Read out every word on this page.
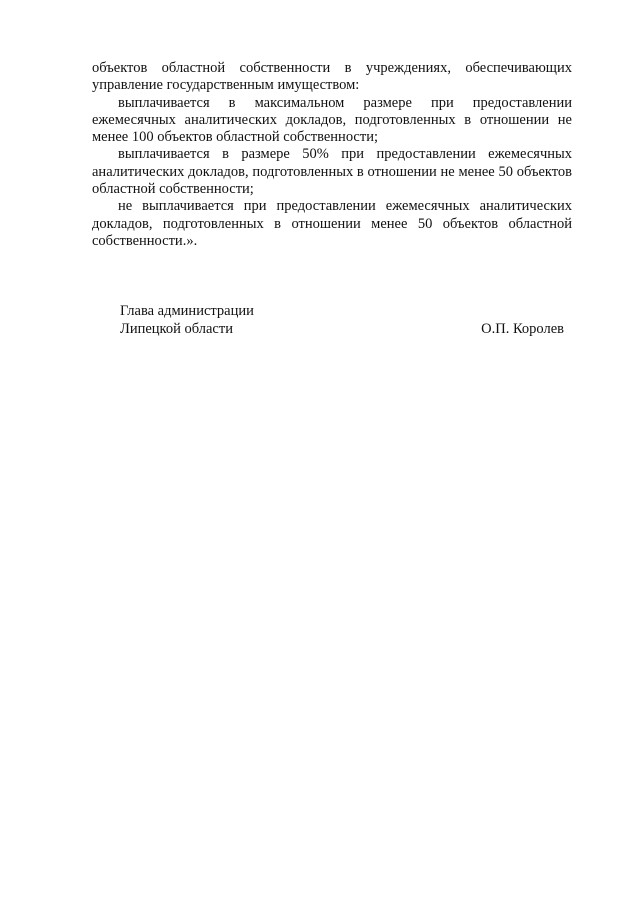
объектов областной собственности в учреждениях, обеспечивающих управление государственным имуществом:

выплачивается в максимальном размере при предоставлении ежемесячных аналитических докладов, подготовленных в отношении не менее 100 объектов областной собственности;

выплачивается в размере 50% при предоставлении ежемесячных аналитических докладов, подготовленных в отношении не менее 50 объектов областной собственности;

не выплачивается при предоставлении ежемесячных аналитических докладов, подготовленных в отношении менее 50 объектов областной собственности.».

Глава администрации
Липецкой области	О.П. Королев
